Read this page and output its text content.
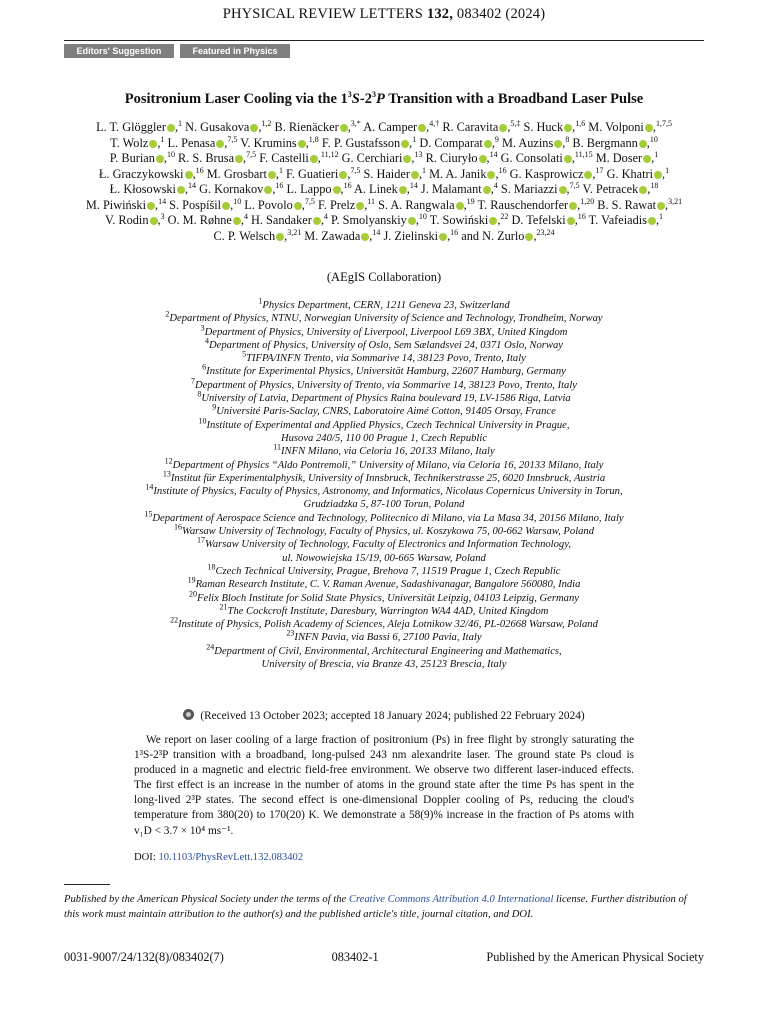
PHYSICAL REVIEW LETTERS 132, 083402 (2024)
Editors' Suggestion	Featured in Physics
Positronium Laser Cooling via the $1^3S-2^3P$ Transition with a Broadband Laser Pulse
L. T. Glöggler ,$^1$ N. Gusakova ,$^{1,2}$ B. Rienäcker ,$^{3,*}$ A. Camper ,$^{4,\dagger}$ R. Caravita ,$^{5,\ddagger}$ S. Huck ,$^{1,6}$ M. Volponi ,$^{1,7,5}$
T. Wolz ,$^1$ L. Penasa ,$^{7,5}$ V. Krumins ,$^{1,8}$ F. P. Gustafsson ,$^1$ D. Comparat ,$^9$ M. Auzins ,$^8$ B. Bergmann ,$^{10}$
P. Burian ,$^{10}$ R. S. Brusa ,$^{7,5}$ F. Castelli ,$^{11,12}$ G. Cerchiari ,$^{13}$ R. Ciuryło ,$^{14}$ G. Consolati ,$^{11,15}$ M. Doser ,$^1$
Ł. Graczykowski ,$^{16}$ M. Grosbart ,$^1$ F. Guatieri ,$^{7,5}$ S. Haider ,$^1$ M. A. Janik ,$^{16}$ G. Kasprowicz ,$^{17}$ G. Khatri ,$^1$
Ł. Kłosowski ,$^{14}$ G. Kornakov ,$^{16}$ L. Lappo ,$^{16}$ A. Linek ,$^{14}$ J. Malamant ,$^4$ S. Mariazzi ,$^{7,5}$ V. Petracek ,$^{18}$
M. Piwiński ,$^{14}$ S. Pospíšil ,$^{10}$ L. Povolo ,$^{7,5}$ F. Prelz ,$^{11}$ S. A. Rangwala ,$^{19}$ T. Rauschendorfer ,$^{1,20}$ B. S. Rawat ,$^{3,21}$
V. Rodin ,$^3$ O. M. Røhne ,$^4$ H. Sandaker ,$^4$ P. Smolyanskiy ,$^{10}$ T. Sowiński ,$^{22}$ D. Tefelski ,$^{16}$ T. Vafeiadis ,$^1$
C. P. Welsch ,$^{3,21}$ M. Zawada ,$^{14}$ J. Zielinski ,$^{16}$ and N. Zurlo ,$^{23,24}$
(AEgIS Collaboration)
$^1$Physics Department, CERN, 1211 Geneva 23, Switzerland
$^2$Department of Physics, NTNU, Norwegian University of Science and Technology, Trondheim, Norway
$^3$Department of Physics, University of Liverpool, Liverpool L69 3BX, United Kingdom
$^4$Department of Physics, University of Oslo, Sem Sælandsvei 24, 0371 Oslo, Norway
$^5$TIFPA/INFN Trento, via Sommarive 14, 38123 Povo, Trento, Italy
$^6$Institute for Experimental Physics, Universität Hamburg, 22607 Hamburg, Germany
$^7$Department of Physics, University of Trento, via Sommarive 14, 38123 Povo, Trento, Italy
$^8$University of Latvia, Department of Physics Raina boulevard 19, LV-1586 Riga, Latvia
$^9$Université Paris-Saclay, CNRS, Laboratoire Aimé Cotton, 91405 Orsay, France
$^{10}$Institute of Experimental and Applied Physics, Czech Technical University in Prague,
Husova 240/5, 110 00 Prague 1, Czech Republic
$^{11}$INFN Milano, via Celoria 16, 20133 Milano, Italy
$^{12}$Department of Physics “Aldo Pontremoli,” University of Milano, via Celoria 16, 20133 Milano, Italy
$^{13}$Institut für Experimentalphysik, University of Innsbruck, Technikerstrasse 25, 6020 Innsbruck, Austria
$^{14}$Institute of Physics, Faculty of Physics, Astronomy, and Informatics, Nicolaus Copernicus University in Torun,
Grudziadzka 5, 87-100 Torun, Poland
$^{15}$Department of Aerospace Science and Technology, Politecnico di Milano, via La Masa 34, 20156 Milano, Italy
$^{16}$Warsaw University of Technology, Faculty of Physics, ul. Koszykowa 75, 00-662 Warsaw, Poland
$^{17}$Warsaw University of Technology, Faculty of Electronics and Information Technology,
ul. Nowowiejska 15/19, 00-665 Warsaw, Poland
$^{18}$Czech Technical University, Prague, Brehova 7, 11519 Prague 1, Czech Republic
$^{19}$Raman Research Institute, C. V. Raman Avenue, Sadashivanagar, Bangalore 560080, India
$^{20}$Felix Bloch Institute for Solid State Physics, Universität Leipzig, 04103 Leipzig, Germany
$^{21}$The Cockcroft Institute, Daresbury, Warrington WA4 4AD, United Kingdom
$^{22}$Institute of Physics, Polish Academy of Sciences, Aleja Lotnikow 32/46, PL-02668 Warsaw, Poland
$^{23}$INFN Pavia, via Bassi 6, 27100 Pavia, Italy
$^{24}$Department of Civil, Environmental, Architectural Engineering and Mathematics,
University of Brescia, via Branze 43, 25123 Brescia, Italy
(Received 13 October 2023; accepted 18 January 2024; published 22 February 2024)
We report on laser cooling of a large fraction of positronium (Ps) in free flight by strongly saturating the 1³S-2³P transition with a broadband, long-pulsed 243 nm alexandrite laser. The ground state Ps cloud is produced in a magnetic and electric field-free environment. We observe two different laser-induced effects. The first effect is an increase in the number of atoms in the ground state after the time Ps has spent in the long-lived 2³P states. The second effect is one-dimensional Doppler cooling of Ps, reducing the cloud's temperature from 380(20) to 170(20) K. We demonstrate a 58(9)% increase in the fraction of Ps atoms with v₁D < 3.7 × 10⁴ ms⁻¹.
DOI: 10.1103/PhysRevLett.132.083402
Published by the American Physical Society under the terms of the Creative Commons Attribution 4.0 International license. Further distribution of this work must maintain attribution to the author(s) and the published article's title, journal citation, and DOI.
0031-9007/24/132(8)/083402(7)	083402-1	Published by the American Physical Society
